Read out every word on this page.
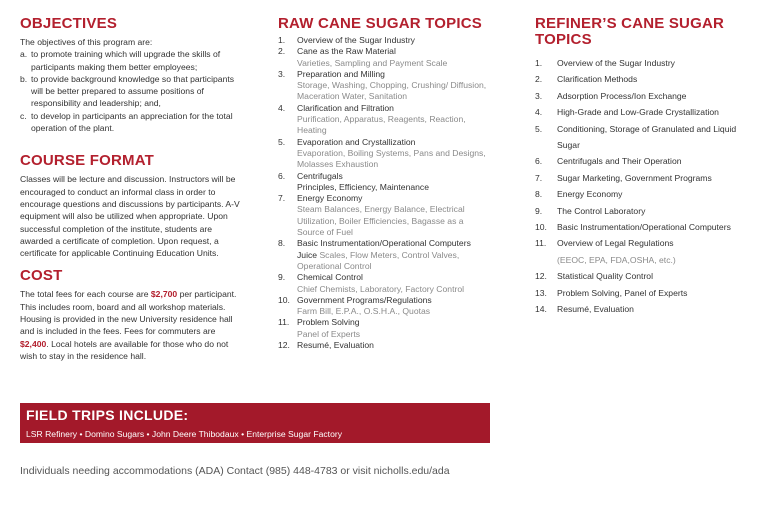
OBJECTIVES
The objectives of this program are:
a. to promote training which will upgrade the skills of participants making them better employees;
b. to provide background knowledge so that participants will be better prepared to assume positions of responsibility and leadership; and,
c. to develop in participants an appreciation for the total operation of the plant.
COURSE FORMAT
Classes will be lecture and discussion. Instructors will be encouraged to conduct an informal class in order to encourage questions and discussions by participants. A-V equipment will also be utilized when appropriate. Upon successful completion of the institute, students are awarded a certificate of completion. Upon request, a certificate for applicable Continuing Education Units.
COST
The total fees for each course are $2,700 per participant. This includes room, board and all workshop materials. Housing is provided in the new University residence hall and is included in the fees. Fees for commuters are $2,400. Local hotels are available for those who do not wish to stay in the residence hall.
RAW CANE SUGAR TOPICS
1.	Overview of the Sugar Industry
2.	Cane as the Raw Material
Varieties, Sampling and Payment Scale
3.	Preparation and Milling
Storage, Washing, Chopping, Crushing/ Diffusion, Maceration Water, Sanitation
4.	Clarification and Filtration
Purification, Apparatus, Reagents, Reaction, Heating
5.	Evaporation and Crystallization
Evaporation, Boiling Systems, Pans and Designs, Molasses Exhaustion
6.	Centrifugals
Principles, Efficiency, Maintenance
7.	Energy Economy
Steam Balances, Energy Balance, Electrical Utilization, Boiler Efficiencies, Bagasse as a Source of Fuel
8.	Basic Instrumentation/Operational Computers Juice Scales, Flow Meters, Control Valves, Operational Control
9.	Chemical Control
Chief Chemists, Laboratory, Factory Control
10. Government Programs/Regulations
Farm Bill, E.P.A., O.S.H.A., Quotas
11. Problem Solving
Panel of Experts
12. Resumé, Evaluation
REFINER’S CANE SUGAR TOPICS
1.	Overview of the Sugar Industry
2.	Clarification Methods
3.	Adsorption Process/Ion Exchange
4.	High-Grade and Low-Grade Crystallization
5.	Conditioning, Storage of Granulated and Liquid Sugar
6.	Centrifugals and Their Operation
7.	Sugar Marketing, Government Programs
8.	Energy Economy
9.	The Control Laboratory
10.	Basic Instrumentation/Operational Computers
11.	Overview of Legal Regulations
(EEOC, EPA, FDA,OSHA, etc.)
12.	Statistical Quality Control
13.	Problem Solving, Panel of Experts
14.	Resumé, Evaluation
FIELD TRIPS INCLUDE:
LSR Refinery • Domino Sugars • John Deere Thibodaux • Enterprise Sugar Factory
Individuals needing accommodations (ADA) Contact (985) 448-4783 or visit nicholls.edu/ada
